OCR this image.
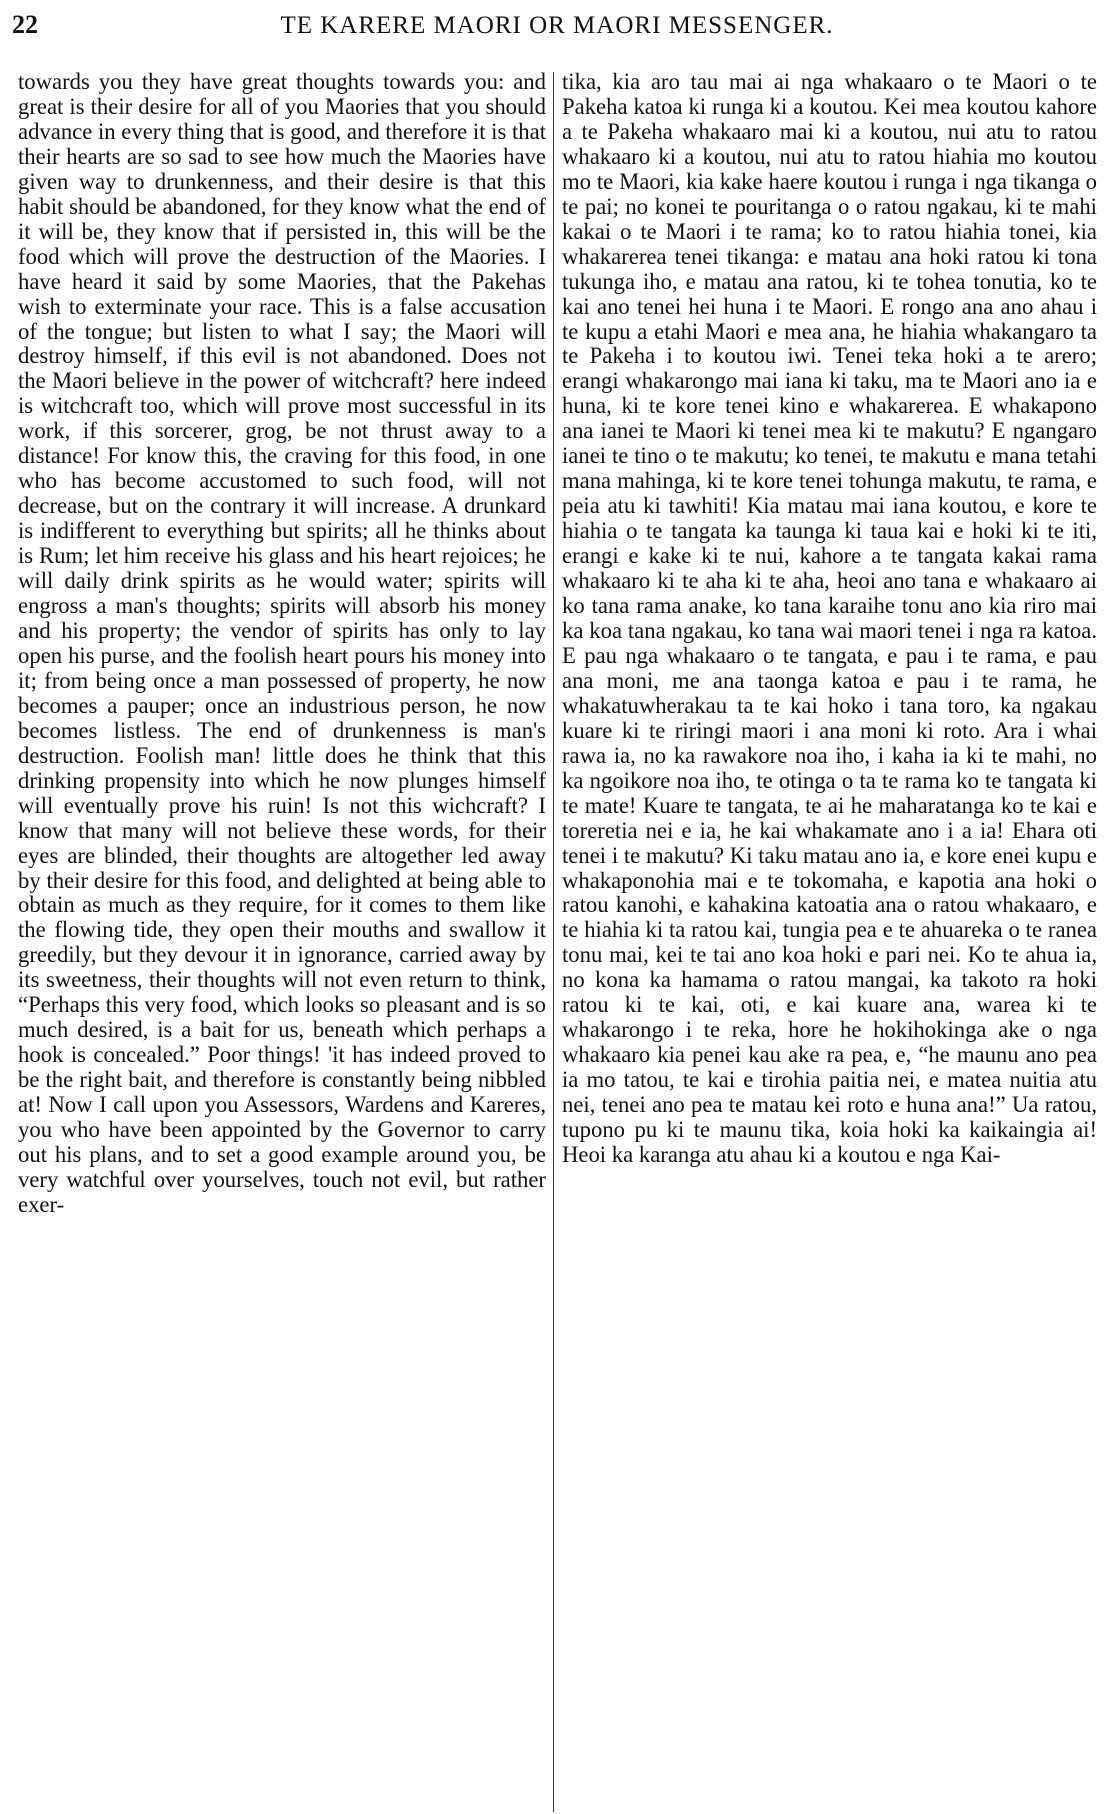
22	TE KARERE MAORI OR MAORI MESSENGER.

towards you they have great thoughts towards you: and great is their desire for all of you Maories that you should advance in every thing that is good, and therefore it is that their hearts are so sad to see how much the Maories have given way to drunkenness, and their desire is that this habit should be abandoned, for they know what the end of it will be, they know that if persisted in, this will be the food which will prove the destruction of the Maories. I have heard it said by some Maories, that the Pakehas wish to exterminate your race. This is a false accusation of the tongue; but listen to what I say; the Maori will destroy himself, if this evil is not abandoned. Does not the Maori believe in the power of witchcraft? here indeed is witchcraft too, which will prove most successful in its work, if this sorcerer, grog, be not thrust away to a distance! For know this, the craving for this food, in one who has become accustomed to such food, will not decrease, but on the contrary it will increase. A drunkard is indifferent to everything but spirits; all he thinks about is Rum; let him receive his glass and his heart rejoices; he will daily drink spirits as he would water; spirits will engross a man's thoughts; spirits will absorb his money and his property; the vendor of spirits has only to lay open his purse, and the foolish heart pours his money into it; from being once a man possessed of property, he now becomes a pauper; once an industrious person, he now becomes listless. The end of drunkenness is man's destruction. Foolish man! little does he think that this drinking propensity into which he now plunges himself will eventually prove his ruin! Is not this wichcraft? I know that many will not believe these words, for their eyes are blinded, their thoughts are altogether led away by their desire for this food, and delighted at being able to obtain as much as they require, for it comes to them like the flowing tide, they open their mouths and swallow it greedily, but they devour it in ignorance, carried away by its sweetness, their thoughts will not even return to think, “Perhaps this very food, which looks so pleasant and is so much desired, is a bait for us, beneath which perhaps a hook is concealed.” Poor things! 'it has indeed proved to be the right bait, and therefore is constantly being nibbled at! Now I call upon you Assessors, Wardens and Kareres, you who have been appointed by the Governor to carry out his plans, and to set a good example around you, be very watchful over yourselves, touch not evil, but rather exer-

tika, kia aro tau mai ai nga whakaaro o te Maori o te Pakeha katoa ki runga ki a koutou. Kei mea koutou kahore a te Pakeha whakaaro mai ki a koutou, nui atu to ratou whakaaro ki a koutou, nui atu to ratou hiahia mo koutou mo te Maori, kia kake haere koutou i runga i nga tikanga o te pai; no konei te pouritanga o o ratou ngakau, ki te mahi kakai o te Maori i te rama; ko to ratou hiahia tonei, kia whakarerea tenei tikanga: e matau ana hoki ratou ki tona tukunga iho, e matau ana ratou, ki te tohea tonutia, ko te kai ano tenei hei huna i te Maori. E rongo ana ano ahau i te kupu a etahi Maori e mea ana, he hiahia whakangaro ta te Pakeha i to koutou iwi. Tenei teka hoki a te arero; erangi whakarongo mai iana ki taku, ma te Maori ano ia e huna, ki te kore tenei kino e whakarerea. E whakapono ana ianei te Maori ki tenei mea ki te makutu? E ngangaro ianei te tino o te makutu; ko tenei, te makutu e mana tetahi mana mahinga, ki te kore tenei tohunga makutu, te rama, e peia atu ki tawhiti! Kia matau mai iana koutou, e kore te hiahia o te tangata ka taunga ki taua kai e hoki ki te iti, erangi e kake ki te nui, kahore a te tangata kakai rama whakaaro ki te aha ki te aha, heoi ano tana e whakaaro ai ko tana rama anake, ko tana karaihe tonu ano kia riro mai ka koa tana ngakau, ko tana wai maori tenei i nga ra katoa. E pau nga whakaaro o te tangata, e pau i te rama, e pau ana moni, me ana taonga katoa e pau i te rama, he whakatuwherakau ta te kai hoko i tana toro, ka ngakau kuare ki te riringi maori i ana moni ki roto. Ara i whai rawa ia, no ka rawakore noa iho, i kaha ia ki te mahi, no ka ngoikore noa iho, te otinga o ta te rama ko te tangata ki te mate! Kuare te tangata, te ai he maharatanga ko te kai e toreretia nei e ia, he kai whakamate ano i a ia! Ehara oti tenei i te makutu? Ki taku matau ano ia, e kore enei kupu e whakaponohia mai e te tokomaha, e kapotia ana hoki o ratou kanohi, e kahakina katoatia ana o ratou whakaaro, e te hiahia ki ta ratou kai, tungia pea e te ahuareka o te ranea tonu mai, kei te tai ano koa hoki e pari nei. Ko te ahua ia, no kona ka hamama o ratou mangai, ka takoto ra hoki ratou ki te kai, oti, e kai kuare ana, warea ki te whakarongo i te reka, hore he hokihokinga ake o nga whakaaro kia penei kau ake ra pea, e, “he maunu ano pea ia mo tatou, te kai e tirohia paitia nei, e matea nuitia atu nei, tenei ano pea te matau kei roto e huna ana!” Ua ratou, tupono pu ki te maunu tika, koia hoki ka kaikaingia ai! Heoi ka karanga atu ahau ki a koutou e nga Kai-
